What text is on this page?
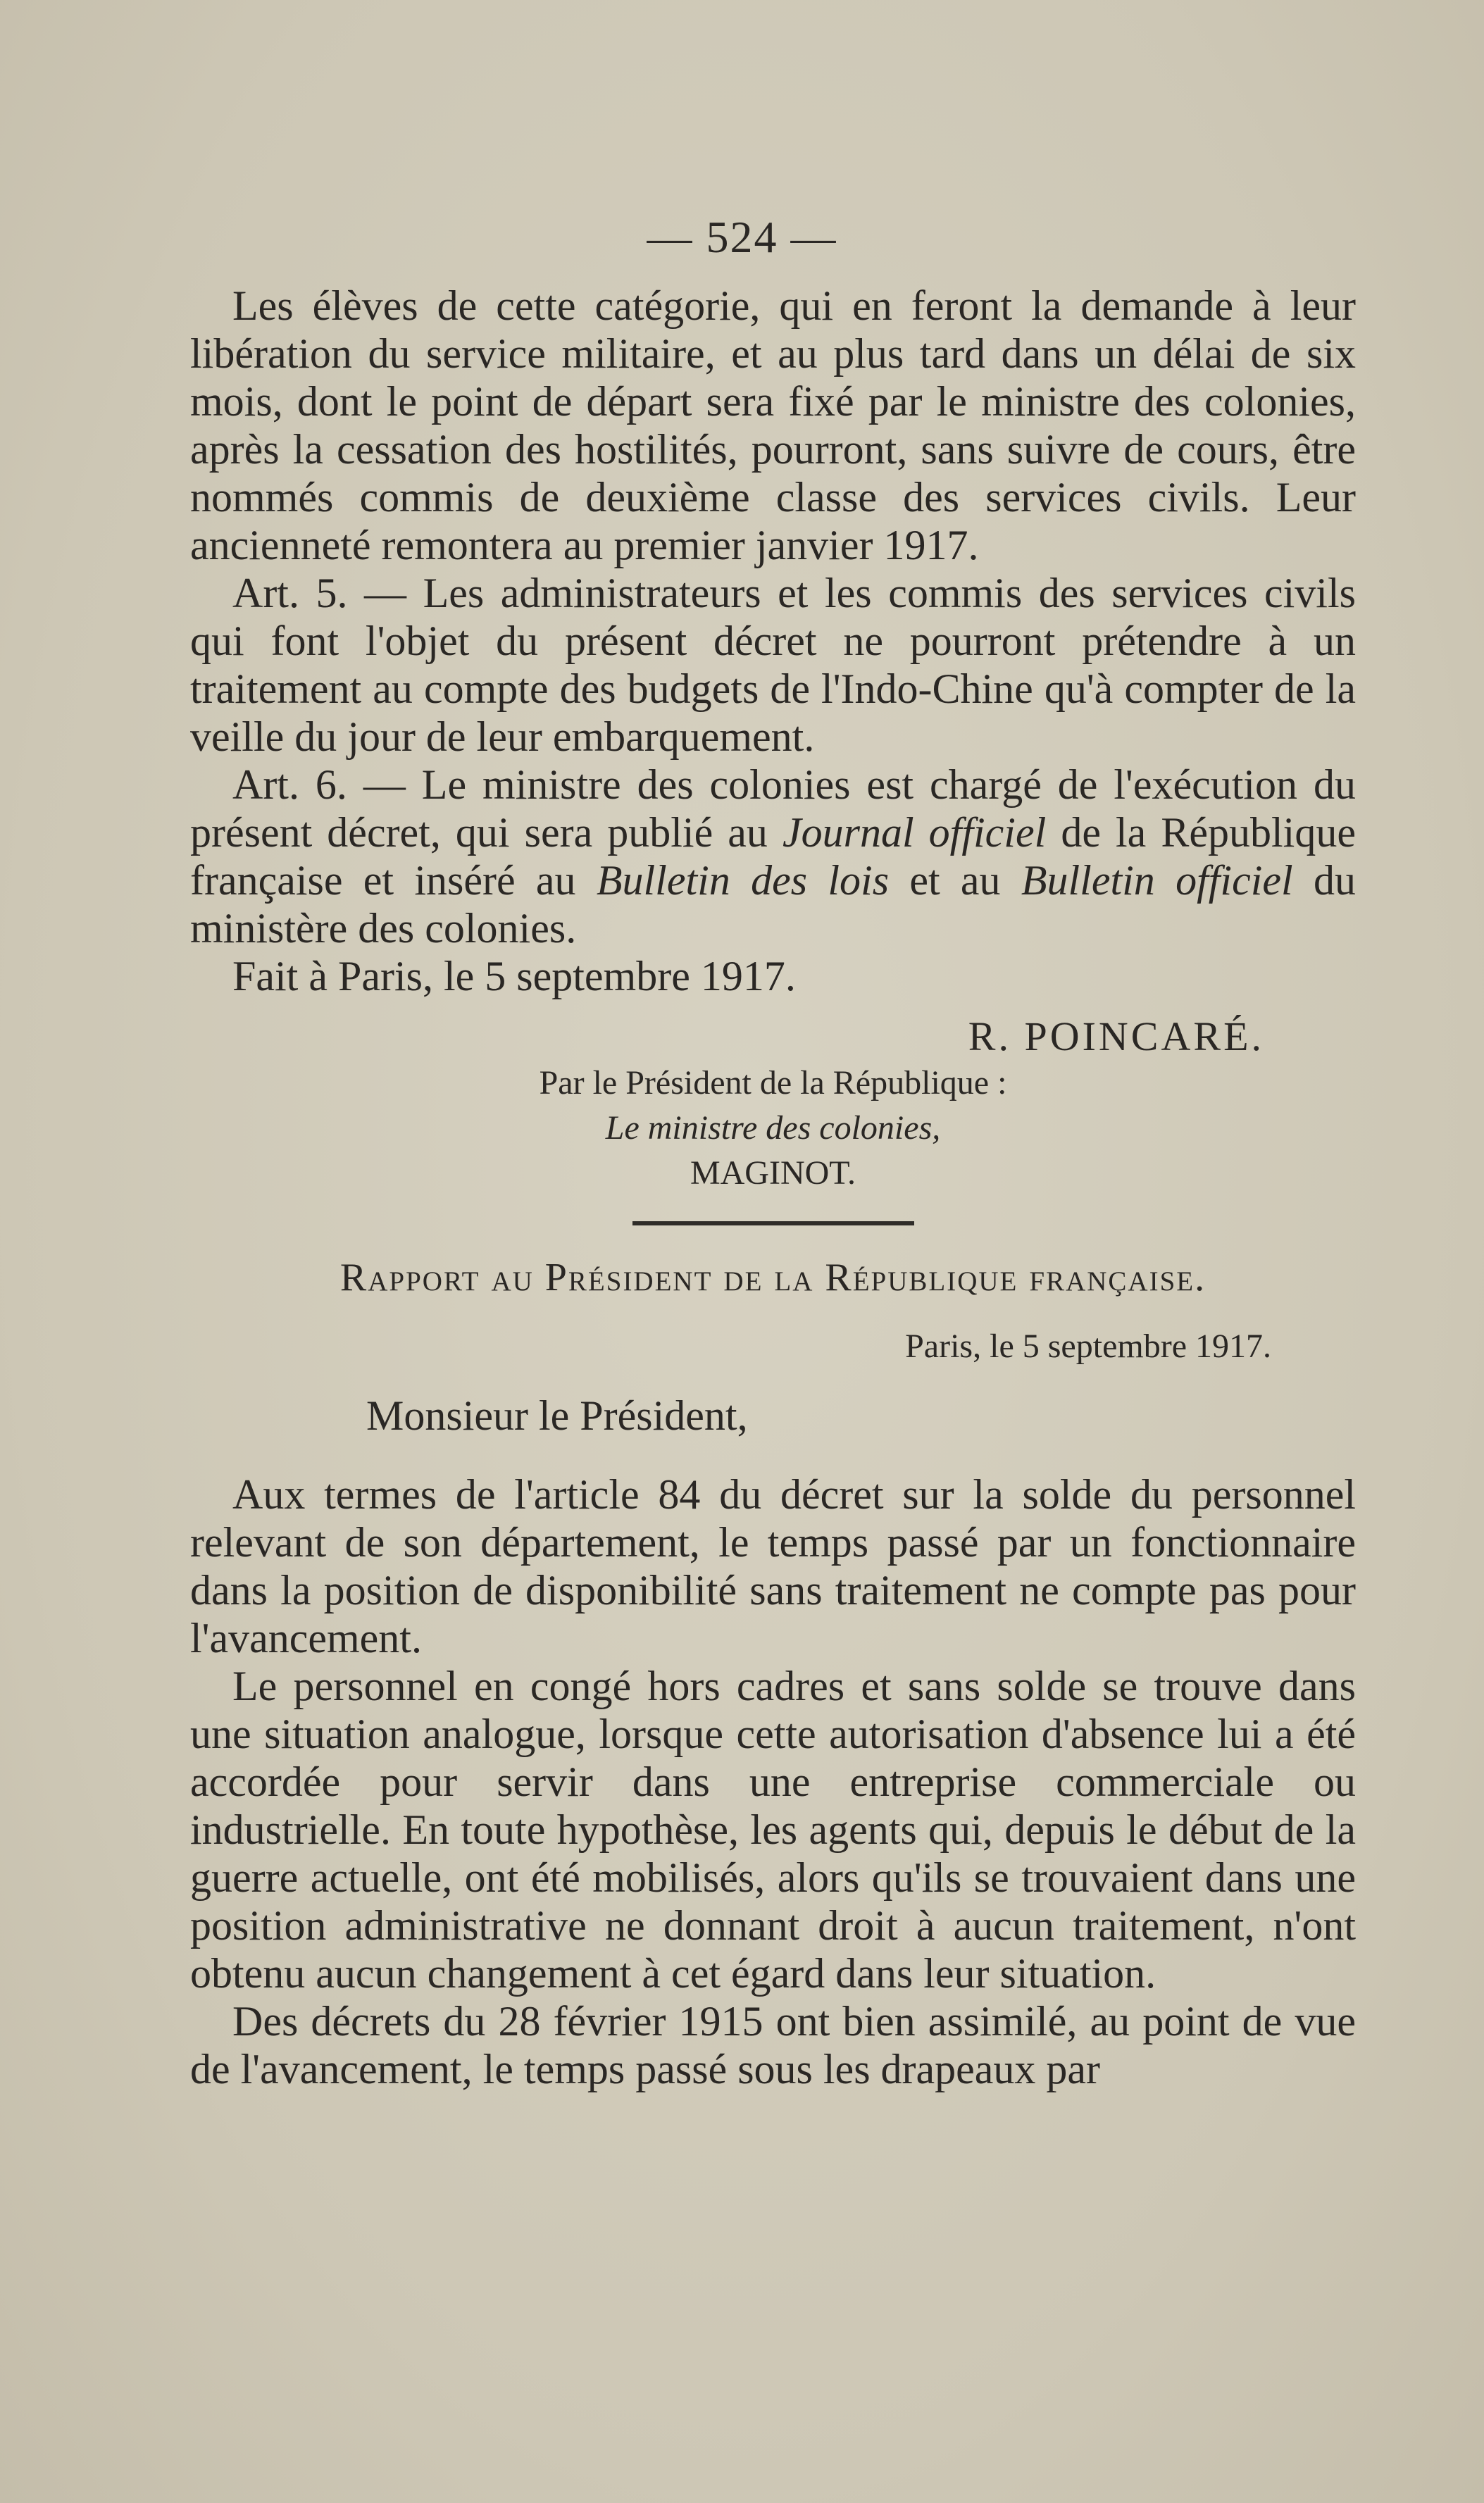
— 524 —

Les élèves de cette catégorie, qui en feront la demande à leur libération du service militaire, et au plus tard dans un délai de six mois, dont le point de départ sera fixé par le ministre des colonies, après la cessation des hostilités, pourront, sans suivre de cours, être nommés commis de deuxième classe des services civils. Leur ancienneté remontera au premier janvier 1917.

Art. 5. — Les administrateurs et les commis des services civils qui font l'objet du présent décret ne pourront prétendre à un traitement au compte des budgets de l'Indo-Chine qu'à compter de la veille du jour de leur embarquement.

Art. 6. — Le ministre des colonies est chargé de l'exécution du présent décret, qui sera publié au Journal officiel de la République française et inséré au Bulletin des lois et au Bulletin officiel du ministère des colonies.

Fait à Paris, le 5 septembre 1917.

R. POINCARÉ.

Par le Président de la République :

Le ministre des colonies,

MAGINOT.

Rapport au Président de la République française.

Paris, le 5 septembre 1917.

Monsieur le Président,

Aux termes de l'article 84 du décret sur la solde du personnel relevant de son département, le temps passé par un fonctionnaire dans la position de disponibilité sans traitement ne compte pas pour l'avancement.

Le personnel en congé hors cadres et sans solde se trouve dans une situation analogue, lorsque cette autorisation d'absence lui a été accordée pour servir dans une entreprise commerciale ou industrielle. En toute hypothèse, les agents qui, depuis le début de la guerre actuelle, ont été mobilisés, alors qu'ils se trouvaient dans une position administrative ne donnant droit à aucun traitement, n'ont obtenu aucun changement à cet égard dans leur situation.

Des décrets du 28 février 1915 ont bien assimilé, au point de vue de l'avancement, le temps passé sous les drapeaux par
